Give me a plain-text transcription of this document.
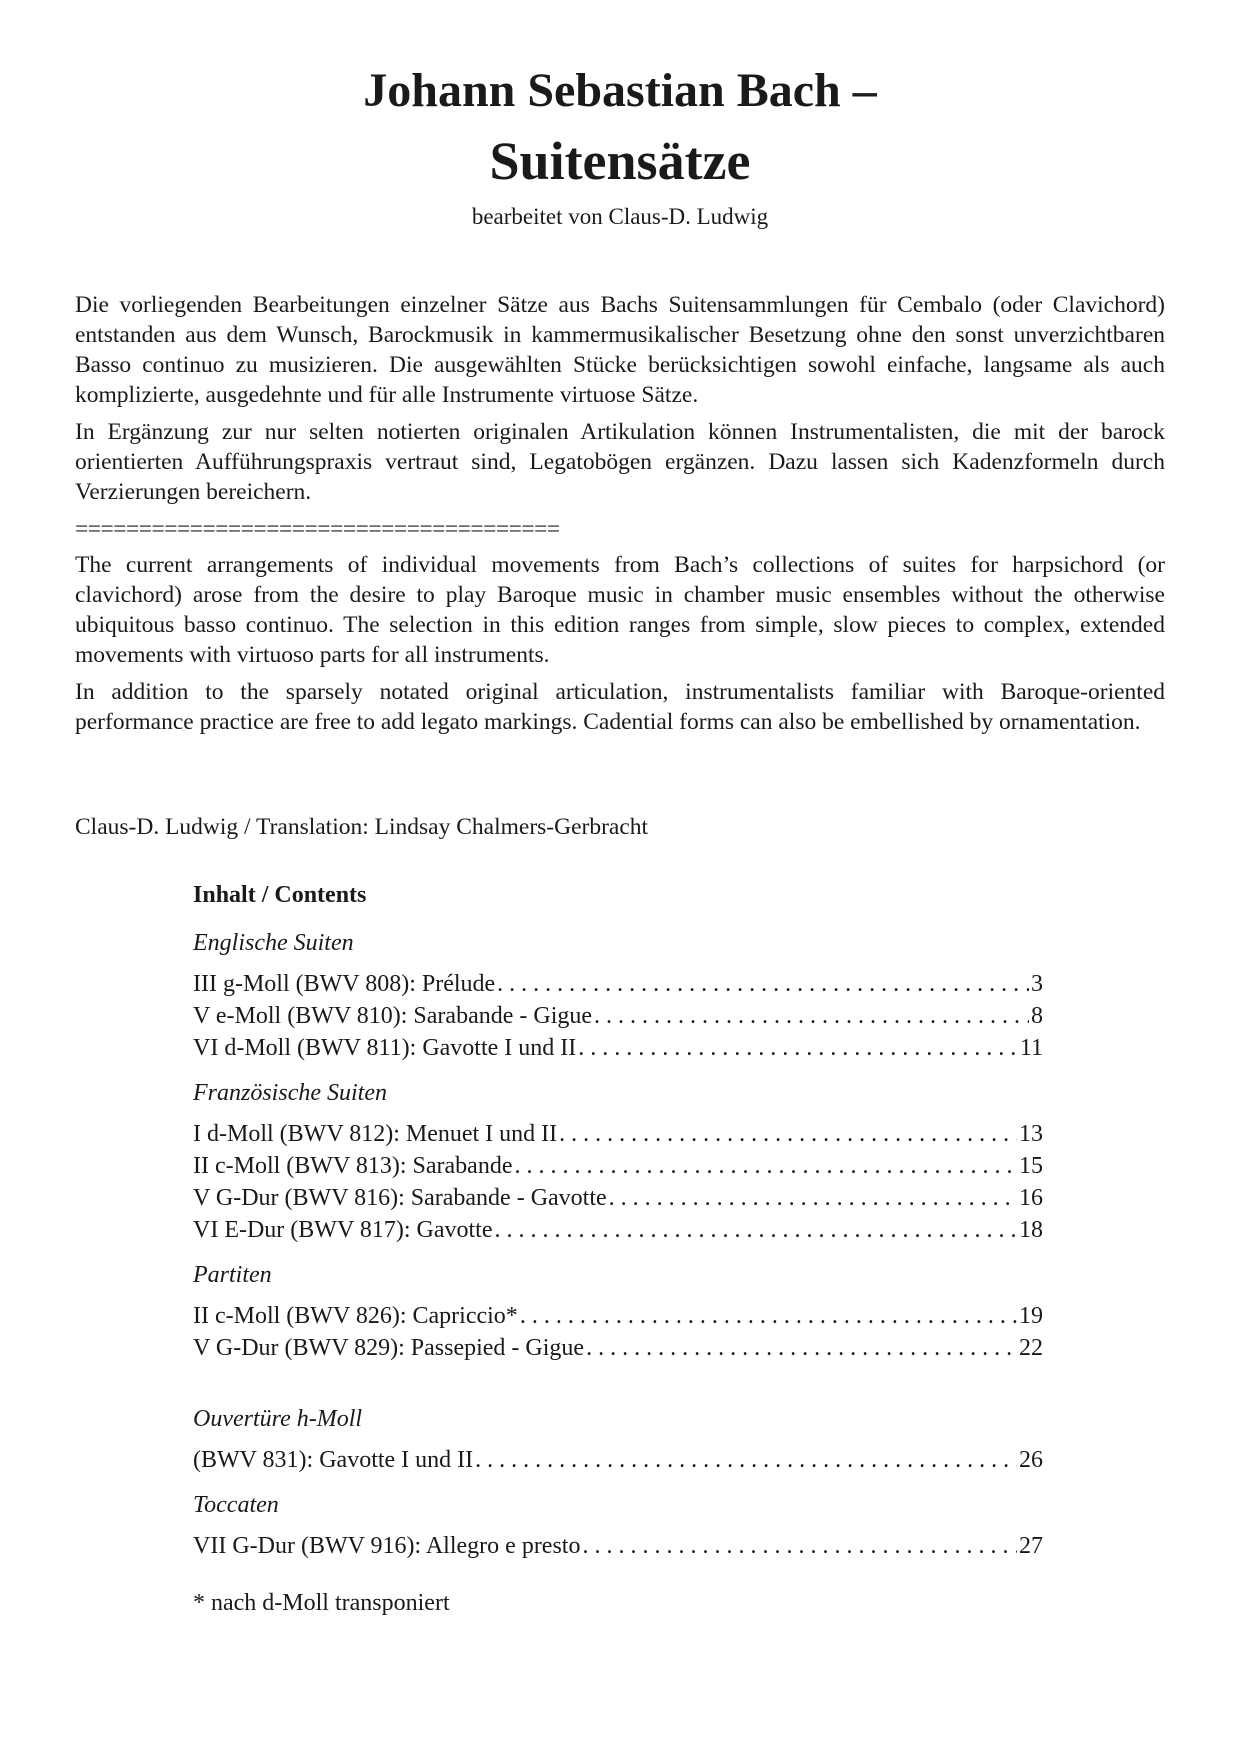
Johann Sebastian Bach –
Suitensätze
bearbeitet von Claus-D. Ludwig

Die vorliegenden Bearbeitungen einzelner Sätze aus Bachs Suitensammlungen für Cembalo (oder Clavichord) entstanden aus dem Wunsch, Barockmusik in kammermusikalischer Besetzung ohne den sonst unverzichtbaren Basso continuo zu musizieren. Die ausgewählten Stücke berücksichtigen sowohl einfache, langsame als auch komplizierte, ausgedehnte und für alle Instrumente virtuose Sätze.

In Ergänzung zur nur selten notierten originalen Artikulation können Instrumentalisten, die mit der barock orientierten Aufführungspraxis vertraut sind, Legatobögen ergänzen. Dazu lassen sich Kadenzformeln durch Verzierungen bereichern.

======================================

The current arrangements of individual movements from Bach’s collections of suites for harpsichord (or clavichord) arose from the desire to play Baroque music in chamber music ensembles without the otherwise ubiquitous basso continuo. The selection in this edition ranges from simple, slow pieces to complex, extended movements with virtuoso parts for all instruments.

In addition to the sparsely notated original articulation, instrumentalists familiar with Baroque-oriented performance practice are free to add legato markings. Cadential forms can also be embellished by ornamentation.

Claus-D. Ludwig / Translation: Lindsay Chalmers-Gerbracht
Inhalt / Contents
Englische Suiten
III g-Moll (BWV 808): Prélude . . .	3
V e-Moll (BWV 810): Sarabande - Gigue . . .	8
VI d-Moll (BWV 811): Gavotte I und II . . .	11
Französische Suiten
I d-Moll (BWV 812): Menuet I und II . . .	13
II c-Moll (BWV 813): Sarabande . . .	15
V G-Dur (BWV 816): Sarabande - Gavotte . . .	16
VI E-Dur (BWV 817): Gavotte . . .	18
Partiten
II c-Moll (BWV 826): Capriccio* . . .	19
V G-Dur (BWV 829): Passepied - Gigue . . .	22
Ouvertüre h-Moll
(BWV 831): Gavotte I und II . . .	26
Toccaten
VII G-Dur (BWV 916): Allegro e presto . . .	27
* nach d-Moll transponiert
